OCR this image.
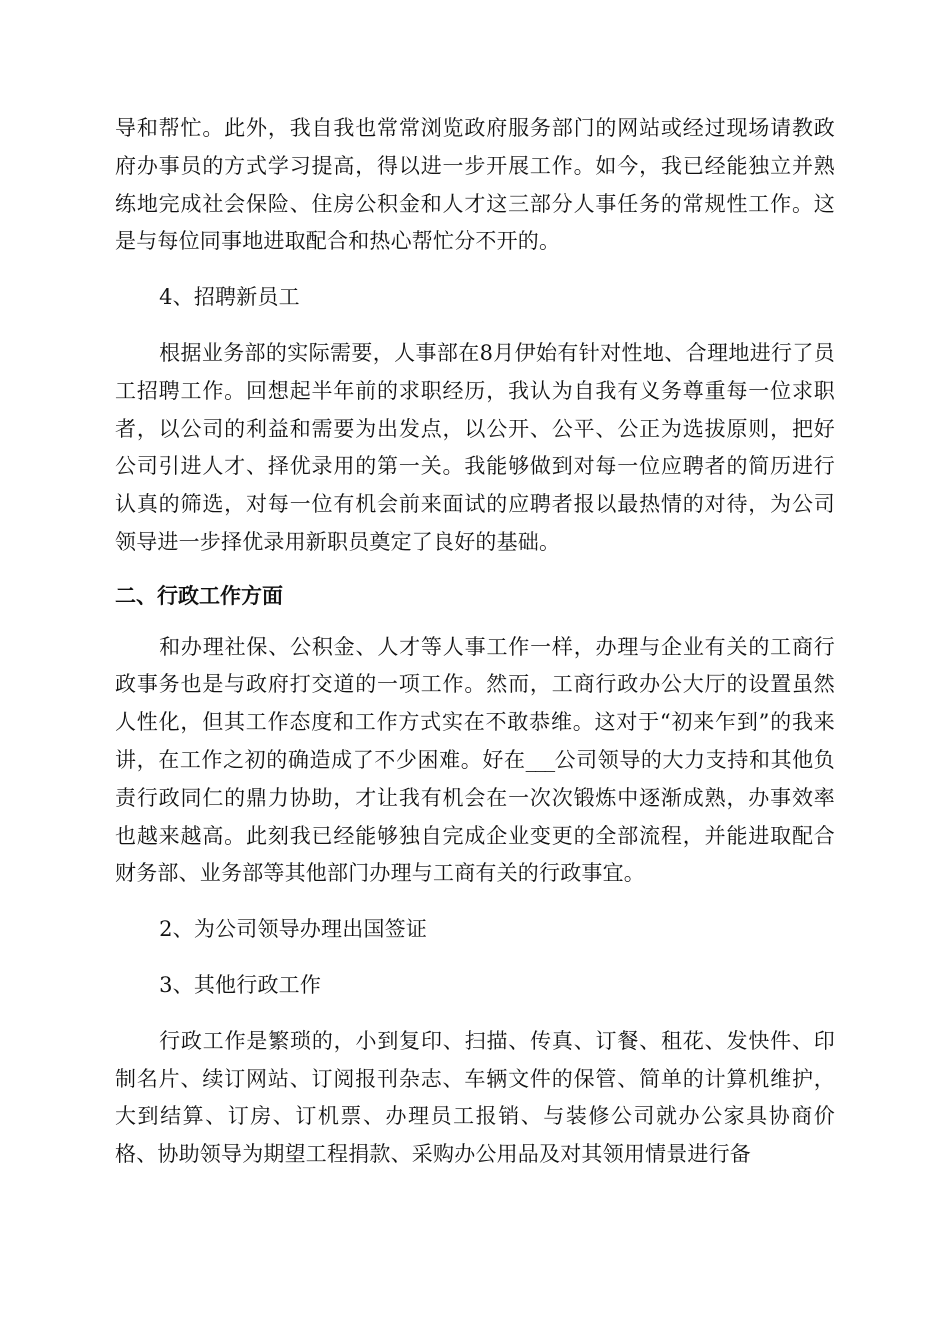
导和帮忙。此外，我自我也常常浏览政府服务部门的网站或经过现场请教政府办事员的方式学习提高，得以进一步开展工作。如今，我已经能独立并熟练地完成社会保险、住房公积金和人才这三部分人事任务的常规性工作。这是与每位同事地进取配合和热心帮忙分不开的。

4、招聘新员工

根据业务部的实际需要，人事部在8月伊始有针对性地、合理地进行了员工招聘工作。回想起半年前的求职经历，我认为自我有义务尊重每一位求职者，以公司的利益和需要为出发点，以公开、公平、公正为选拔原则，把好公司引进人才、择优录用的第一关。我能够做到对每一位应聘者的简历进行认真的筛选，对每一位有机会前来面试的应聘者报以最热情的对待，为公司领导进一步择优录用新职员奠定了良好的基础。

二、行政工作方面

和办理社保、公积金、人才等人事工作一样，办理与企业有关的工商行政事务也是与政府打交道的一项工作。然而，工商行政办公大厅的设置虽然人性化，但其工作态度和工作方式实在不敢恭维。这对于“初来乍到”的我来讲，在工作之初的确造成了不少困难。好在___公司领导的大力支持和其他负责行政同仁的鼎力协助，才让我有机会在一次次锻炼中逐渐成熟，办事效率也越来越高。此刻我已经能够独自完成企业变更的全部流程，并能进取配合财务部、业务部等其他部门办理与工商有关的行政事宜。

2、为公司领导办理出国签证

3、其他行政工作

行政工作是繁琐的，小到复印、扫描、传真、订餐、租花、发快件、印制名片、续订网站、订阅报刊杂志、车辆文件的保管、简单的计算机维护，大到结算、订房、订机票、办理员工报销、与装修公司就办公家具协商价格、协助领导为期望工程捐款、采购办公用品及对其领用情景进行备
